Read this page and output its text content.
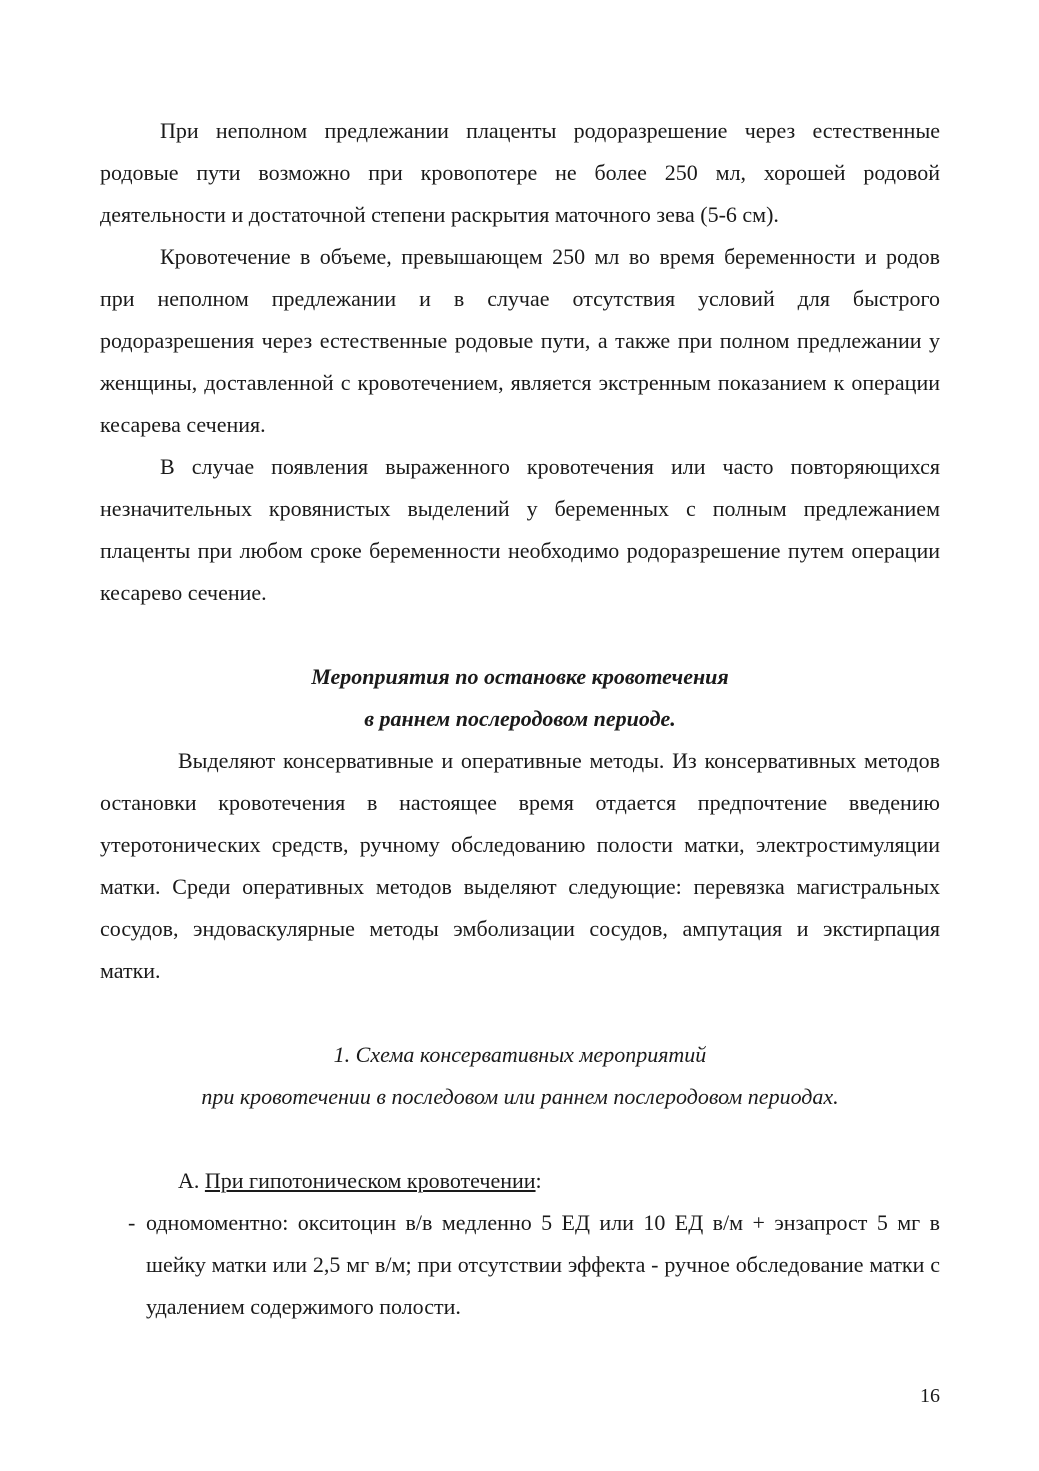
При неполном предлежании плаценты родоразрешение через естественные родовые пути возможно при кровопотере не более 250 мл, хорошей родовой деятельности и достаточной степени раскрытия маточного зева (5-6 см).

Кровотечение в объеме, превышающем 250 мл во время беременности и родов при неполном предлежании и в случае отсутствия условий для быстрого родоразрешения через естественные родовые пути, а также при полном предлежании у женщины, доставленной с кровотечением, является экстренным показанием к операции кесарева сечения.

В случае появления выраженного кровотечения или часто повторяющихся незначительных кровянистых выделений у беременных с полным предлежанием плаценты при любом сроке беременности необходимо родоразрешение путем операции кесарево сечение.

Мероприятия по остановке кровотечения

в раннем послеродовом периоде.

Выделяют консервативные и оперативные методы. Из консервативных методов остановки кровотечения в настоящее время отдается предпочтение введению утеротонических средств, ручному обследованию полости матки, электростимуляции матки. Среди оперативных методов выделяют следующие: перевязка магистральных сосудов, эндоваскулярные методы эмболизации сосудов, ампутация и экстирпация матки.

1. Схема консервативных мероприятий

при кровотечении в последовом или раннем послеродовом периодах.

А. При гипотоническом кровотечении:

- одномоментно: окситоцин в/в медленно 5 ЕД или 10 ЕД в/м + энзапрост 5 мг в шейку матки или 2,5 мг в/м; при отсутствии эффекта - ручное обследование матки с удалением содержимого полости.

16
